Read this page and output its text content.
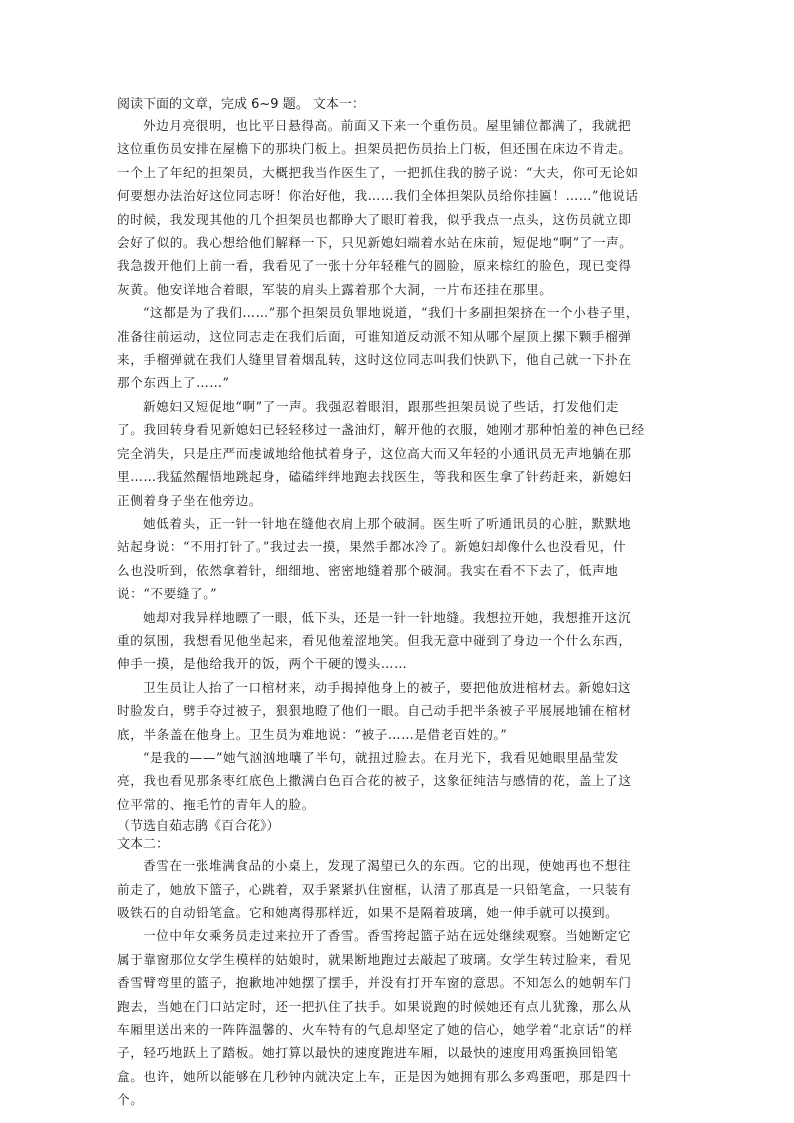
阅读下面的文章，完成 6~9 题。 文本一：
外边月亮很明，也比平日悬得高。前面又下来一个重伤员。屋里铺位都满了，我就把
这位重伤员安排在屋檐下的那块门板上。担架员把伤员抬上门板，但还围在床边不肯走。
一个上了年纪的担架员，大概把我当作医生了，一把抓住我的膀子说：“大夫，你可无论如
何要想办法治好这位同志呀！你治好他，我……我们全体担架队员给你挂匾！……”他说话
的时候，我发现其他的几个担架员也都睁大了眼盯着我，似乎我点一点头，这伤员就立即
会好了似的。我心想给他们解释一下，只见新媳妇端着水站在床前，短促地“啊”了一声。
我急拨开他们上前一看，我看见了一张十分年轻稚气的圆脸，原来棕红的脸色，现已变得
灰黄。他安详地合着眼，军装的肩头上露着那个大洞，一片布还挂在那里。
“这都是为了我们……”那个担架员负罪地说道，“我们十多副担架挤在一个小巷子里，
准备往前运动，这位同志走在我们后面，可谁知道反动派不知从哪个屋顶上摞下颗手榴弹
来，手榴弹就在我们人缝里冒着烟乱转，这时这位同志叫我们快趴下，他自己就一下扑在
那个东西上了……”
新媳妇又短促地“啊”了一声。我强忍着眼泪，跟那些担架员说了些话，打发他们走
了。我回转身看见新媳妇已轻轻移过一盏油灯，解开他的衣服，她刚才那种怕羞的神色已经
完全消失，只是庄严而虔诚地给他拭着身子，这位高大而又年轻的小通讯员无声地躺在那
里……我猛然醒悟地跳起身，磕磕绊绊地跑去找医生，等我和医生拿了针药赶来，新媳妇
正侧着身子坐在他旁边。
她低着头，正一针一针地在缝他衣肩上那个破洞。医生听了听通讯员的心脏，默默地
站起身说：“不用打针了。”我过去一摸，果然手都冰冷了。新媳妇却像什么也没看见，什
么也没听到，依然拿着针，细细地、密密地缝着那个破洞。我实在看不下去了，低声地
说：“不要缝了。”
她却对我异样地瞟了一眼，低下头，还是一针一针地缝。我想拉开她，我想推开这沉
重的氛围，我想看见他坐起来，看见他羞涩地笑。但我无意中碰到了身边一个什么东西，
伸手一摸，是他给我开的饭，两个干硬的馒头……
卫生员让人抬了一口棺材来，动手揭掉他身上的被子，要把他放进棺材去。新媳妇这
时脸发白，劈手夺过被子，狠狠地瞪了他们一眼。自己动手把半条被子平展展地铺在棺材
底，半条盖在他身上。卫生员为难地说：“被子……是借老百姓的。”
“是我的——”她气汹汹地嚷了半句，就扭过脸去。在月光下，我看见她眼里晶莹发
亮，我也看见那条枣红底色上撒满白色百合花的被子，这象征纯洁与感情的花，盖上了这
位平常的、拖毛竹的青年人的脸。
（节选自茹志鹃《百合花》）
文本二：
香雪在一张堆满食品的小桌上，发现了渴望已久的东西。它的出现，使她再也不想往
前走了，她放下篮子，心跳着，双手紧紧扒住窗框，认清了那真是一只铅笔盒，一只装有
吸铁石的自动铅笔盒。它和她离得那样近，如果不是隔着玻璃，她一伸手就可以摸到。
一位中年女乘务员走过来拉开了香雪。香雪挎起篮子站在远处继续观察。当她断定它
属于靠窗那位女学生模样的姑娘时，就果断地跑过去敲起了玻璃。女学生转过脸来，看见
香雪臂弯里的篮子，抱歉地冲她摆了摆手，并没有打开车窗的意思。不知怎么的她朝车门
跑去，当她在门口站定时，还一把扒住了扶手。如果说跑的时候她还有点儿犹豫，那么从
车厢里送出来的一阵阵温馨的、火车特有的气息却坚定了她的信心，她学着“北京话”的样
子，轻巧地跃上了踏板。她打算以最快的速度跑进车厢，以最快的速度用鸡蛋换回铅笔
盒。也许，她所以能够在几秒钟内就决定上车，正是因为她拥有那么多鸡蛋吧，那是四十
个。
